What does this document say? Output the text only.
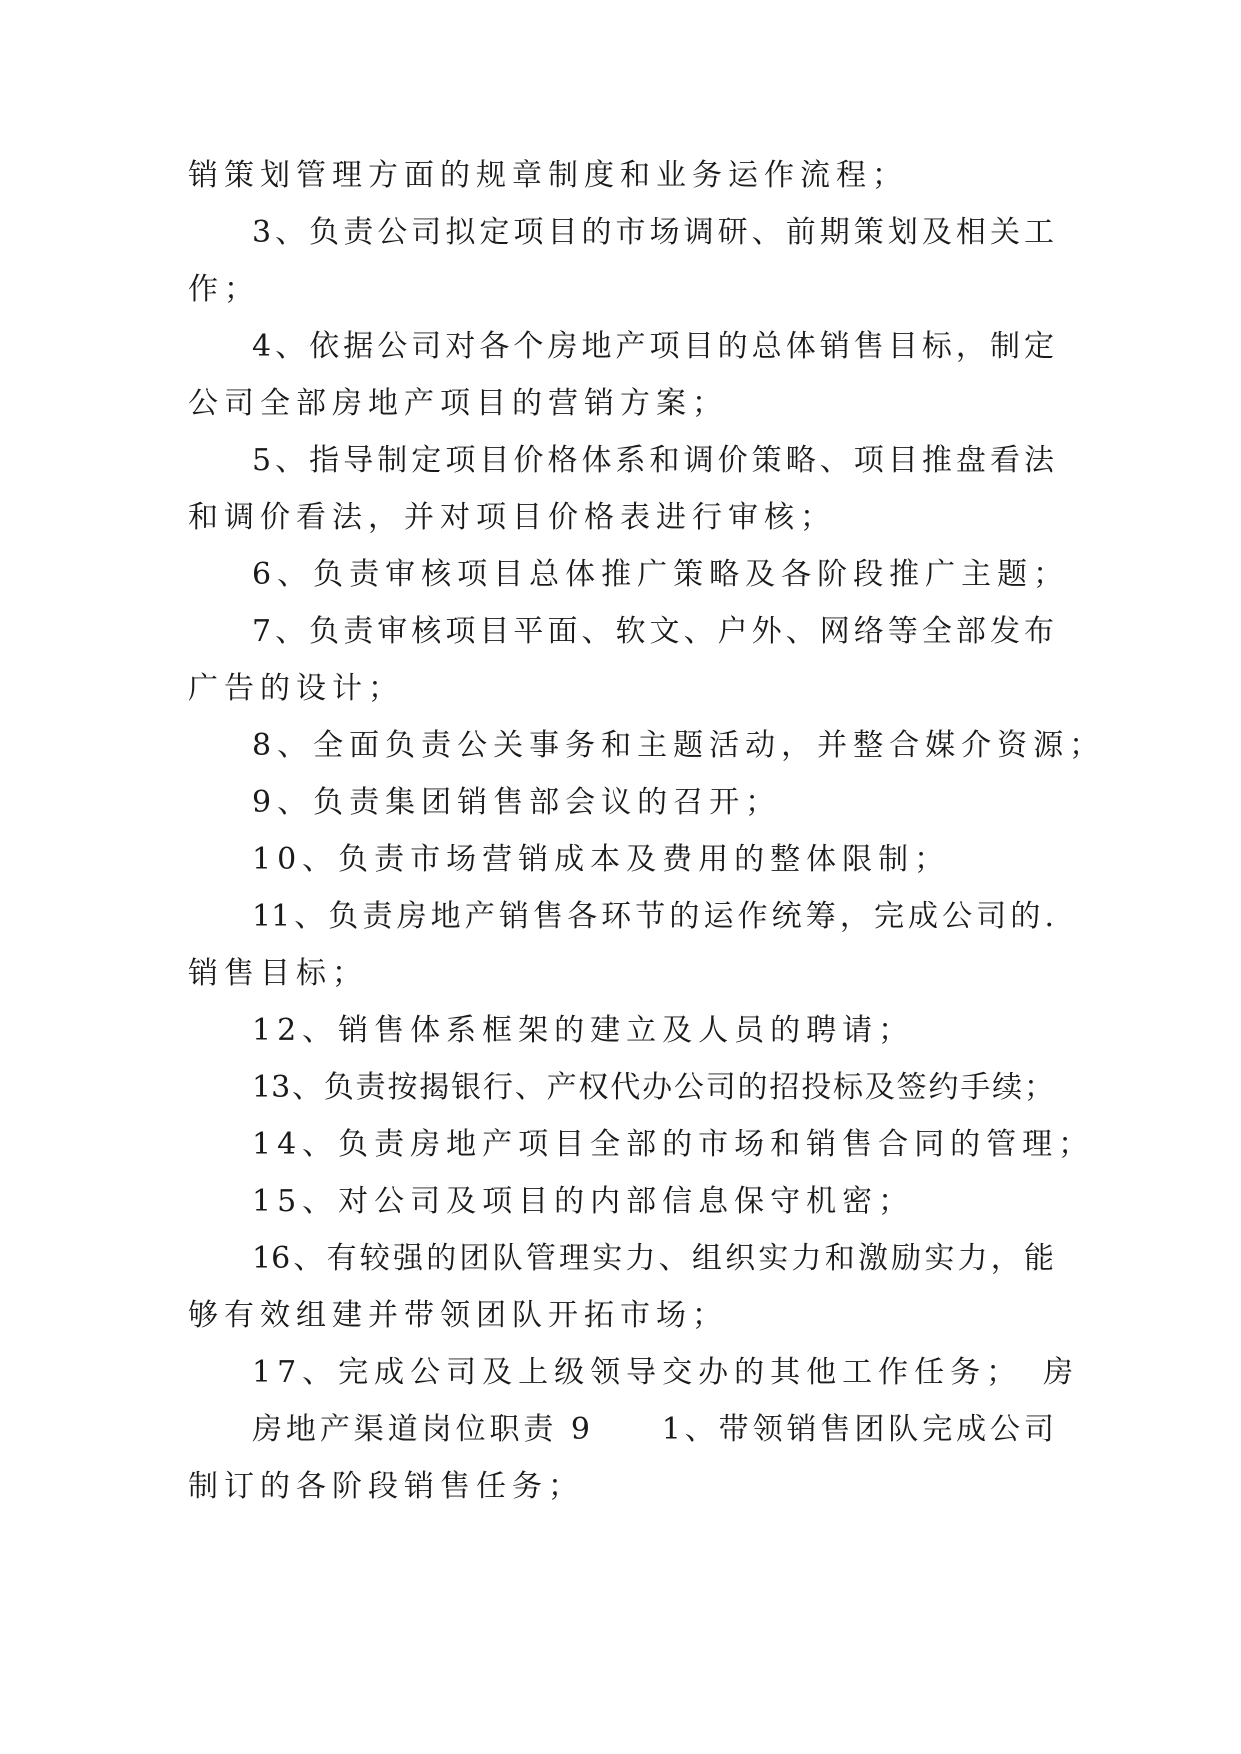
销策划管理方面的规章制度和业务运作流程；
3、负责公司拟定项目的市场调研、前期策划及相关工
作；
4、依据公司对各个房地产项目的总体销售目标，制定
公司全部房地产项目的营销方案；
5、指导制定项目价格体系和调价策略、项目推盘看法
和调价看法，并对项目价格表进行审核；
6、负责审核项目总体推广策略及各阶段推广主题；
7、负责审核项目平面、软文、户外、网络等全部发布
广告的设计；
8、全面负责公关事务和主题活动，并整合媒介资源；
9、负责集团销售部会议的召开；
10、负责市场营销成本及费用的整体限制；
11、负责房地产销售各环节的运作统筹，完成公司的.
销售目标；
12、销售体系框架的建立及人员的聘请；
13、负责按揭银行、产权代办公司的招投标及签约手续；
14、负责房地产项目全部的市场和销售合同的管理；
15、对公司及项目的内部信息保守机密；
16、有较强的团队管理实力、组织实力和激励实力，能
够有效组建并带领团队开拓市场；
17、完成公司及上级领导交办的其他工作任务；　房
房地产渠道岗位职责 9　　1、带领销售团队完成公司
制订的各阶段销售任务；
